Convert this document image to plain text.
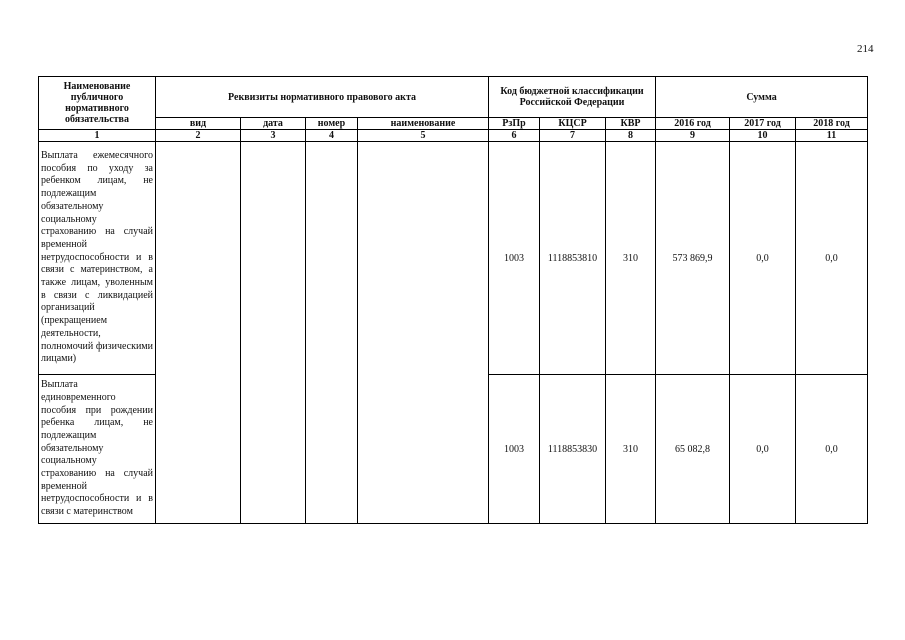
214
Наименование публичного нормативного обязательства	Реквизиты нормативного правового акта				Код бюджетной классификации Российской Федерации			Сумма		
	вид	дата	номер	наименование	РзПр	КЦСР	КВР	2016 год	2017 год	2018 год
1	2	3	4	5	6	7	8	9	10	11
Выплата ежемесячного пособия по уходу за ребенком лицам, не подлежащим обязательному социальному страхованию на случай временной нетрудоспособности и в связи с материнством, а также лицам, уволенным в связи с ликвидацией организаций (прекращением деятельности, полномочий физическими лицами)					1003	1118853810	310	573 869,9	0,0	0,0
Выплата единовременного пособия при рождении ребенка лицам, не подлежащим обязательному социальному страхованию на случай временной нетрудоспособности и в связи с материнством					1003	1118853830	310	65 082,8	0,0	0,0
